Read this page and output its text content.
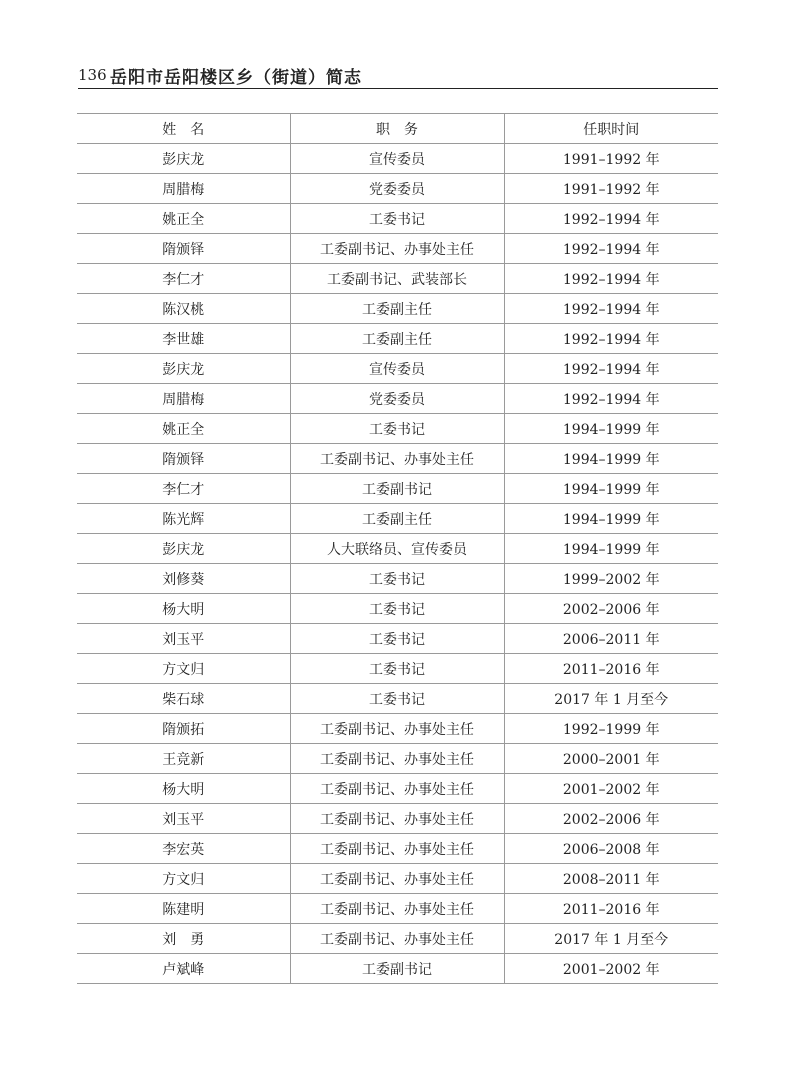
136 岳阳市岳阳楼区乡（街道）简志
姓　名	职　务	任职时间
彭庆龙	宣传委员	1991–1992 年
周腊梅	党委委员	1991–1992 年
姚正全	工委书记	1992–1994 年
隋颁铎	工委副书记、办事处主任	1992–1994 年
李仁才	工委副书记、武装部长	1992–1994 年
陈汉桃	工委副主任	1992–1994 年
李世雄	工委副主任	1992–1994 年
彭庆龙	宣传委员	1992–1994 年
周腊梅	党委委员	1992–1994 年
姚正全	工委书记	1994–1999 年
隋颁铎	工委副书记、办事处主任	1994–1999 年
李仁才	工委副书记	1994–1999 年
陈光辉	工委副主任	1994–1999 年
彭庆龙	人大联络员、宣传委员	1994–1999 年
刘修葵	工委书记	1999–2002 年
杨大明	工委书记	2002–2006 年
刘玉平	工委书记	2006–2011 年
方文归	工委书记	2011–2016 年
柴石球	工委书记	2017 年 1 月至今
隋颁拓	工委副书记、办事处主任	1992–1999 年
王竞新	工委副书记、办事处主任	2000–2001 年
杨大明	工委副书记、办事处主任	2001–2002 年
刘玉平	工委副书记、办事处主任	2002–2006 年
李宏英	工委副书记、办事处主任	2006–2008 年
方文归	工委副书记、办事处主任	2008–2011 年
陈建明	工委副书记、办事处主任	2011–2016 年
刘　勇	工委副书记、办事处主任	2017 年 1 月至今
卢斌峰	工委副书记	2001–2002 年
